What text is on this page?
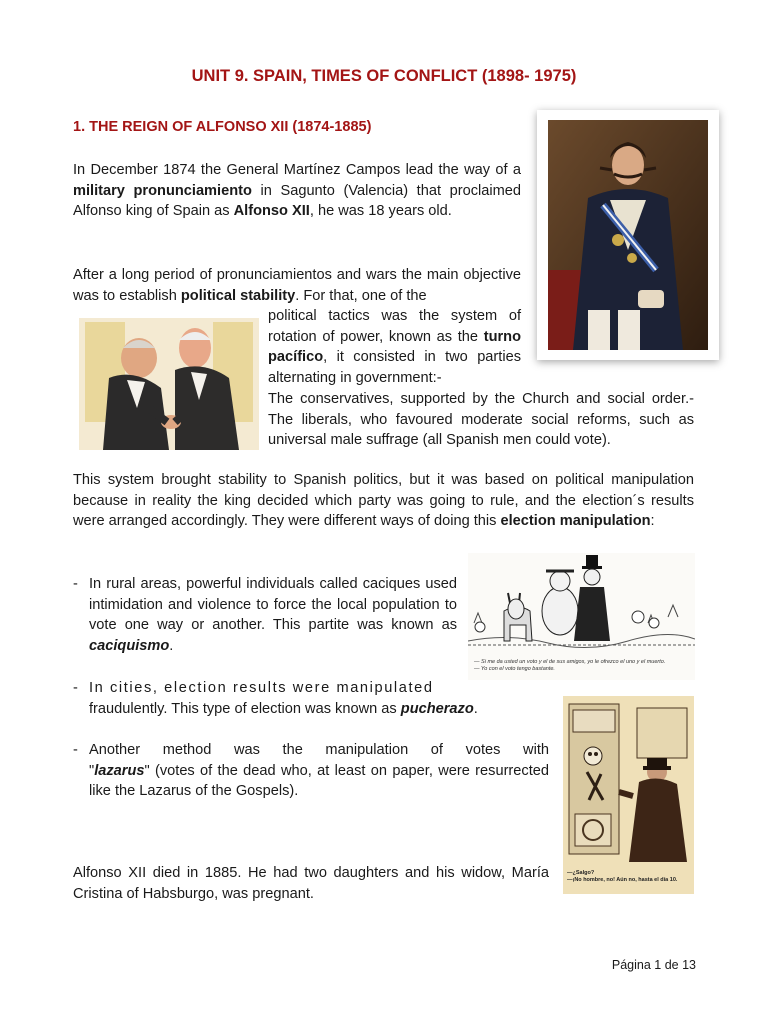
UNIT 9. SPAIN, TIMES OF CONFLICT (1898- 1975)
1. THE REIGN OF ALFONSO XII (1874-1885)

In December 1874 the General Martínez Campos lead the way of a military pronunciamiento in Sagunto (Valencia) that proclaimed Alfonso king of Spain as Alfonso XII, he was 18 years old.

After a long period of pronunciamientos and wars the main objective was to establish political stability. For that, one of the

political tactics was the system of rotation of power, known as the turno pacífico, it consisted in two parties alternating in government:-

The conservatives, supported by the Church and social order.- The liberals, who favoured moderate social reforms, such as universal male suffrage (all Spanish men could vote).

This system brought stability to Spanish politics, but it was based on political manipulation because in reality the king decided which party was going to rule, and the election´s results were arranged accordingly. They were different ways of doing this election manipulation:

- In rural areas, powerful individuals called caciques used intimidation and violence to force the local population to vote one way or another. This partite was known as caciquismo.
- In cities, election results were manipulated
fraudulently. This type of election was known as pucherazo.
- Another method was the manipulation of votes with
"lazarus" (votes of the dead who, at least on paper, were resurrected like the Lazarus of the Gospels).

Alfonso XII died in 1885. He had two daughters and his widow, María Cristina of Habsburgo, was pregnant.

Página 1 de 13
— Si me da usted un voto y el de sus amigos, yo le ofrezco el uno y el muerto.
— Yo con el voto tengo bastante.
—¿Salgo?
—¡No hombre, no! Aún no, hasta el día 10.
